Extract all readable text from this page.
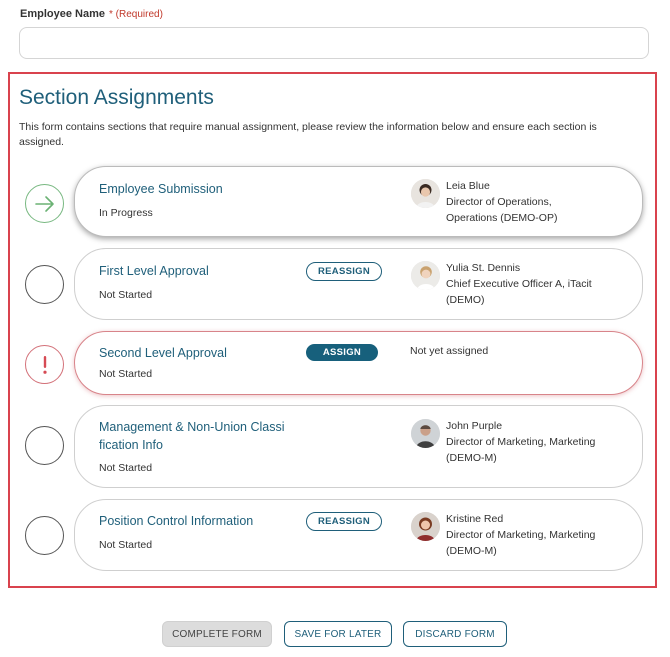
Employee Name * (Required)
Section Assignments

This form contains sections that require manual assignment, please review the information below and ensure each section is assigned.

Employee Submission
In Progress
Leia Blue
Director of Operations,
Operations (DEMO-OP)
First Level Approval
Not Started
REASSIGN	Yulia St. Dennis
Chief Executive Officer A, iTacit
(DEMO)
Second Level Approval
Not Started
ASSIGN	Not yet assigned
Management & Non-Union Classi
fication Info
Not Started
John Purple
Director of Marketing, Marketing
(DEMO-M)
Position Control Information
Not Started
REASSIGN	Kristine Red
Director of Marketing, Marketing
(DEMO-M)
COMPLETE FORM	SAVE FOR LATER	DISCARD FORM
